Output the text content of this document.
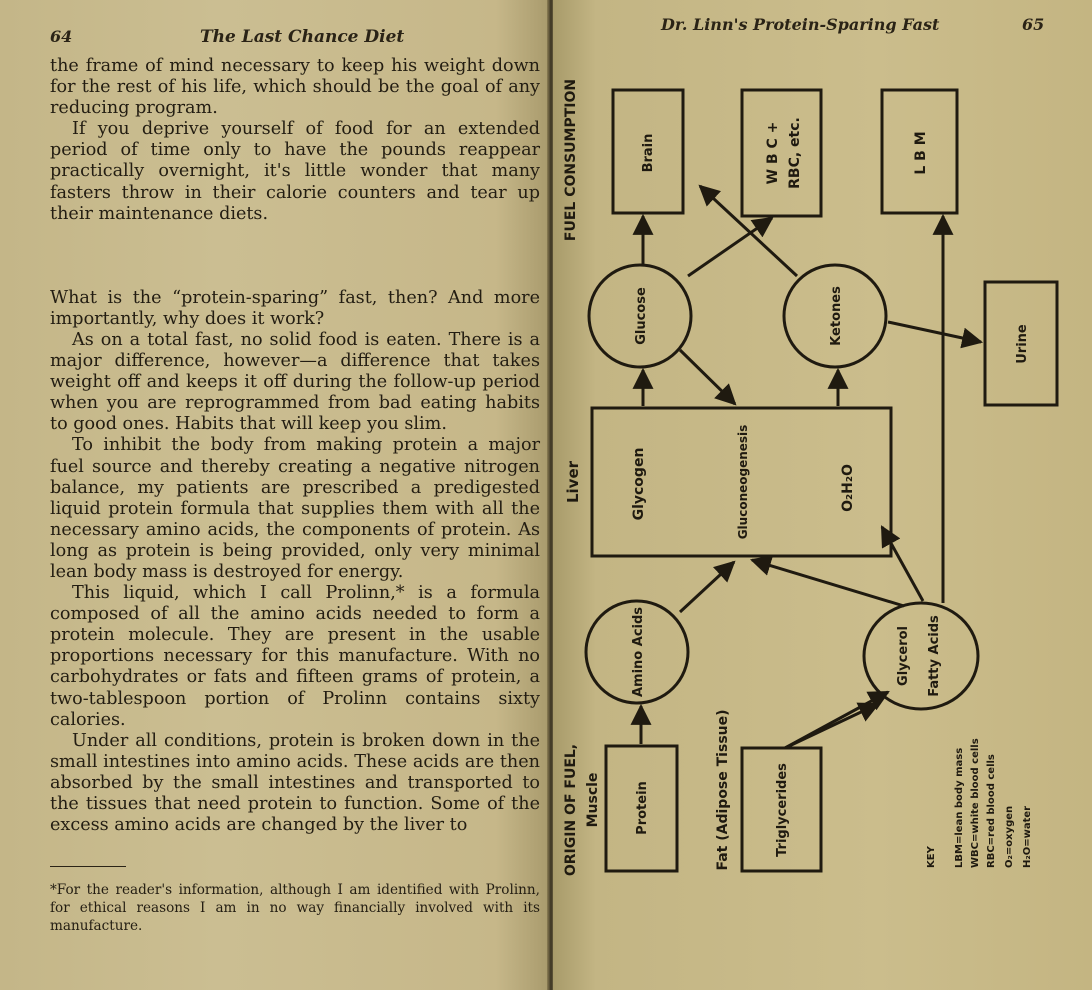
64	The Last Chance Diet

the frame of mind necessary to keep his weight down for the rest of his life, which should be the goal of any reducing program.

If you deprive yourself of food for an extended period of time only to have the pounds reappear practically overnight, it's little wonder that many fasters throw in their calorie counters and tear up their maintenance diets.

What is the “protein-sparing” fast, then? And more importantly, why does it work?

As on a total fast, no solid food is eaten. There is a major difference, however—a difference that takes weight off and keeps it off during the follow-up period when you are reprogrammed from bad eating habits to good ones. Habits that will keep you slim.

To inhibit the body from making protein a major fuel source and thereby creating a negative nitrogen balance, my patients are prescribed a predigested liquid protein formula that supplies them with all the necessary amino acids, the components of protein. As long as protein is being provided, only very minimal lean body mass is destroyed for energy.

This liquid, which I call Prolinn,* is a formula composed of all the amino acids needed to form a protein molecule. They are present in the usable proportions necessary for this manufacture. With no carbohydrates or fats and fifteen grams of protein, a two-tablespoon portion of Prolinn contains sixty calories.

Under all conditions, protein is broken down in the small intestines into amino acids. These acids are then absorbed by the small intestines and transported to the tissues that need protein to function. Some of the excess amino acids are changed by the liver to

*For the reader's information, although I am identified with Prolinn, for ethical reasons I am in no way financially involved with its manufacture.
Dr. Linn's Protein-Sparing Fast	65
FUEL CONSUMPTION
Liver
ORIGIN OF FUEL, Muscle	Fat (Adipose Tissue)
Brain	W B C + RBC, etc.	L B M
Urine
Glucose	Ketones
Glycogen	Gluconeogenesis	O₂H₂O
Amino Acids	Glycerol Fatty Acids
Protein	Triglycerides
KEY LBM=lean body mass WBC=white blood cells RBC=red blood cells O₂=oxygen H₂O=water
